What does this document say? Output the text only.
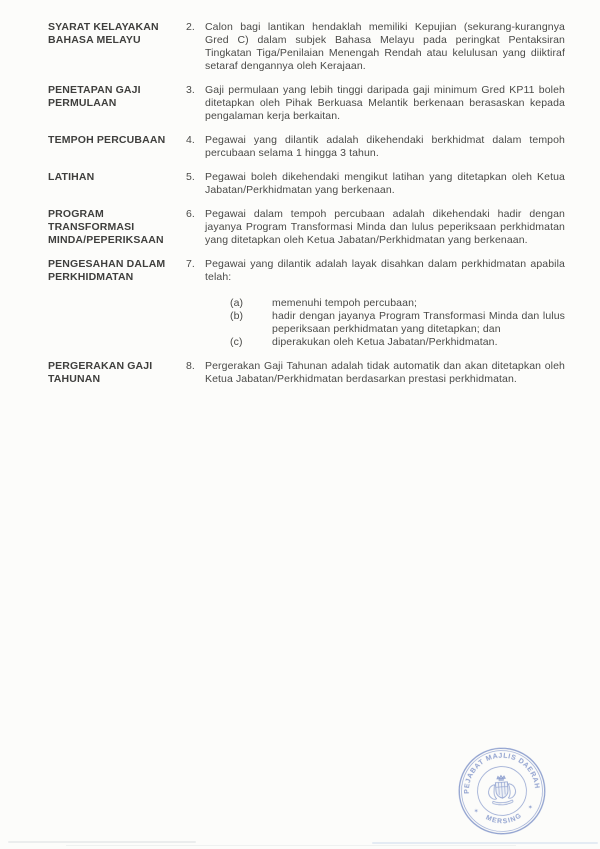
SYARAT KELAYAKAN BAHASA MELAYU
2. Calon bagi lantikan hendaklah memiliki Kepujian (sekurang-kurangnya Gred C) dalam subjek Bahasa Melayu pada peringkat Pentaksiran Tingkatan Tiga/Penilaian Menengah Rendah atau kelulusan yang diiktiraf setaraf dengannya oleh Kerajaan.

PENETAPAN GAJI PERMULAAN
3. Gaji permulaan yang lebih tinggi daripada gaji minimum Gred KP11 boleh ditetapkan oleh Pihak Berkuasa Melantik berkenaan berasaskan kepada pengalaman kerja berkaitan.

TEMPOH PERCUBAAN	4. Pegawai yang dilantik adalah dikehendaki berkhidmat dalam tempoh percubaan selama 1 hingga 3 tahun.

LATIHAN	5. Pegawai boleh dikehendaki mengikut latihan yang ditetapkan oleh Ketua Jabatan/Perkhidmatan yang berkenaan.

PROGRAM TRANSFORMASI MINDA/PEPERIKSAAN
6. Pegawai dalam tempoh percubaan adalah dikehendaki hadir dengan jayanya Program Transformasi Minda dan lulus peperiksaan perkhidmatan yang ditetapkan oleh Ketua Jabatan/Perkhidmatan yang berkenaan.

PENGESAHAN DALAM PERKHIDMATAN
7. Pegawai yang dilantik adalah layak disahkan dalam perkhidmatan apabila telah:

(a)	memenuhi tempoh percubaan;
(b)	hadir dengan jayanya Program Transformasi Minda dan lulus peperiksaan perkhidmatan yang ditetapkan; dan
(c)	diperakukan oleh Ketua Jabatan/Perkhidmatan.
PERGERAKAN GAJI TAHUNAN
8. Pergerakan Gaji Tahunan adalah tidak automatik dan akan ditetapkan oleh Ketua Jabatan/Perkhidmatan berdasarkan prestasi perkhidmatan.

PEJABAT MAJLIS DAERAH
MERSING
✶
✶
